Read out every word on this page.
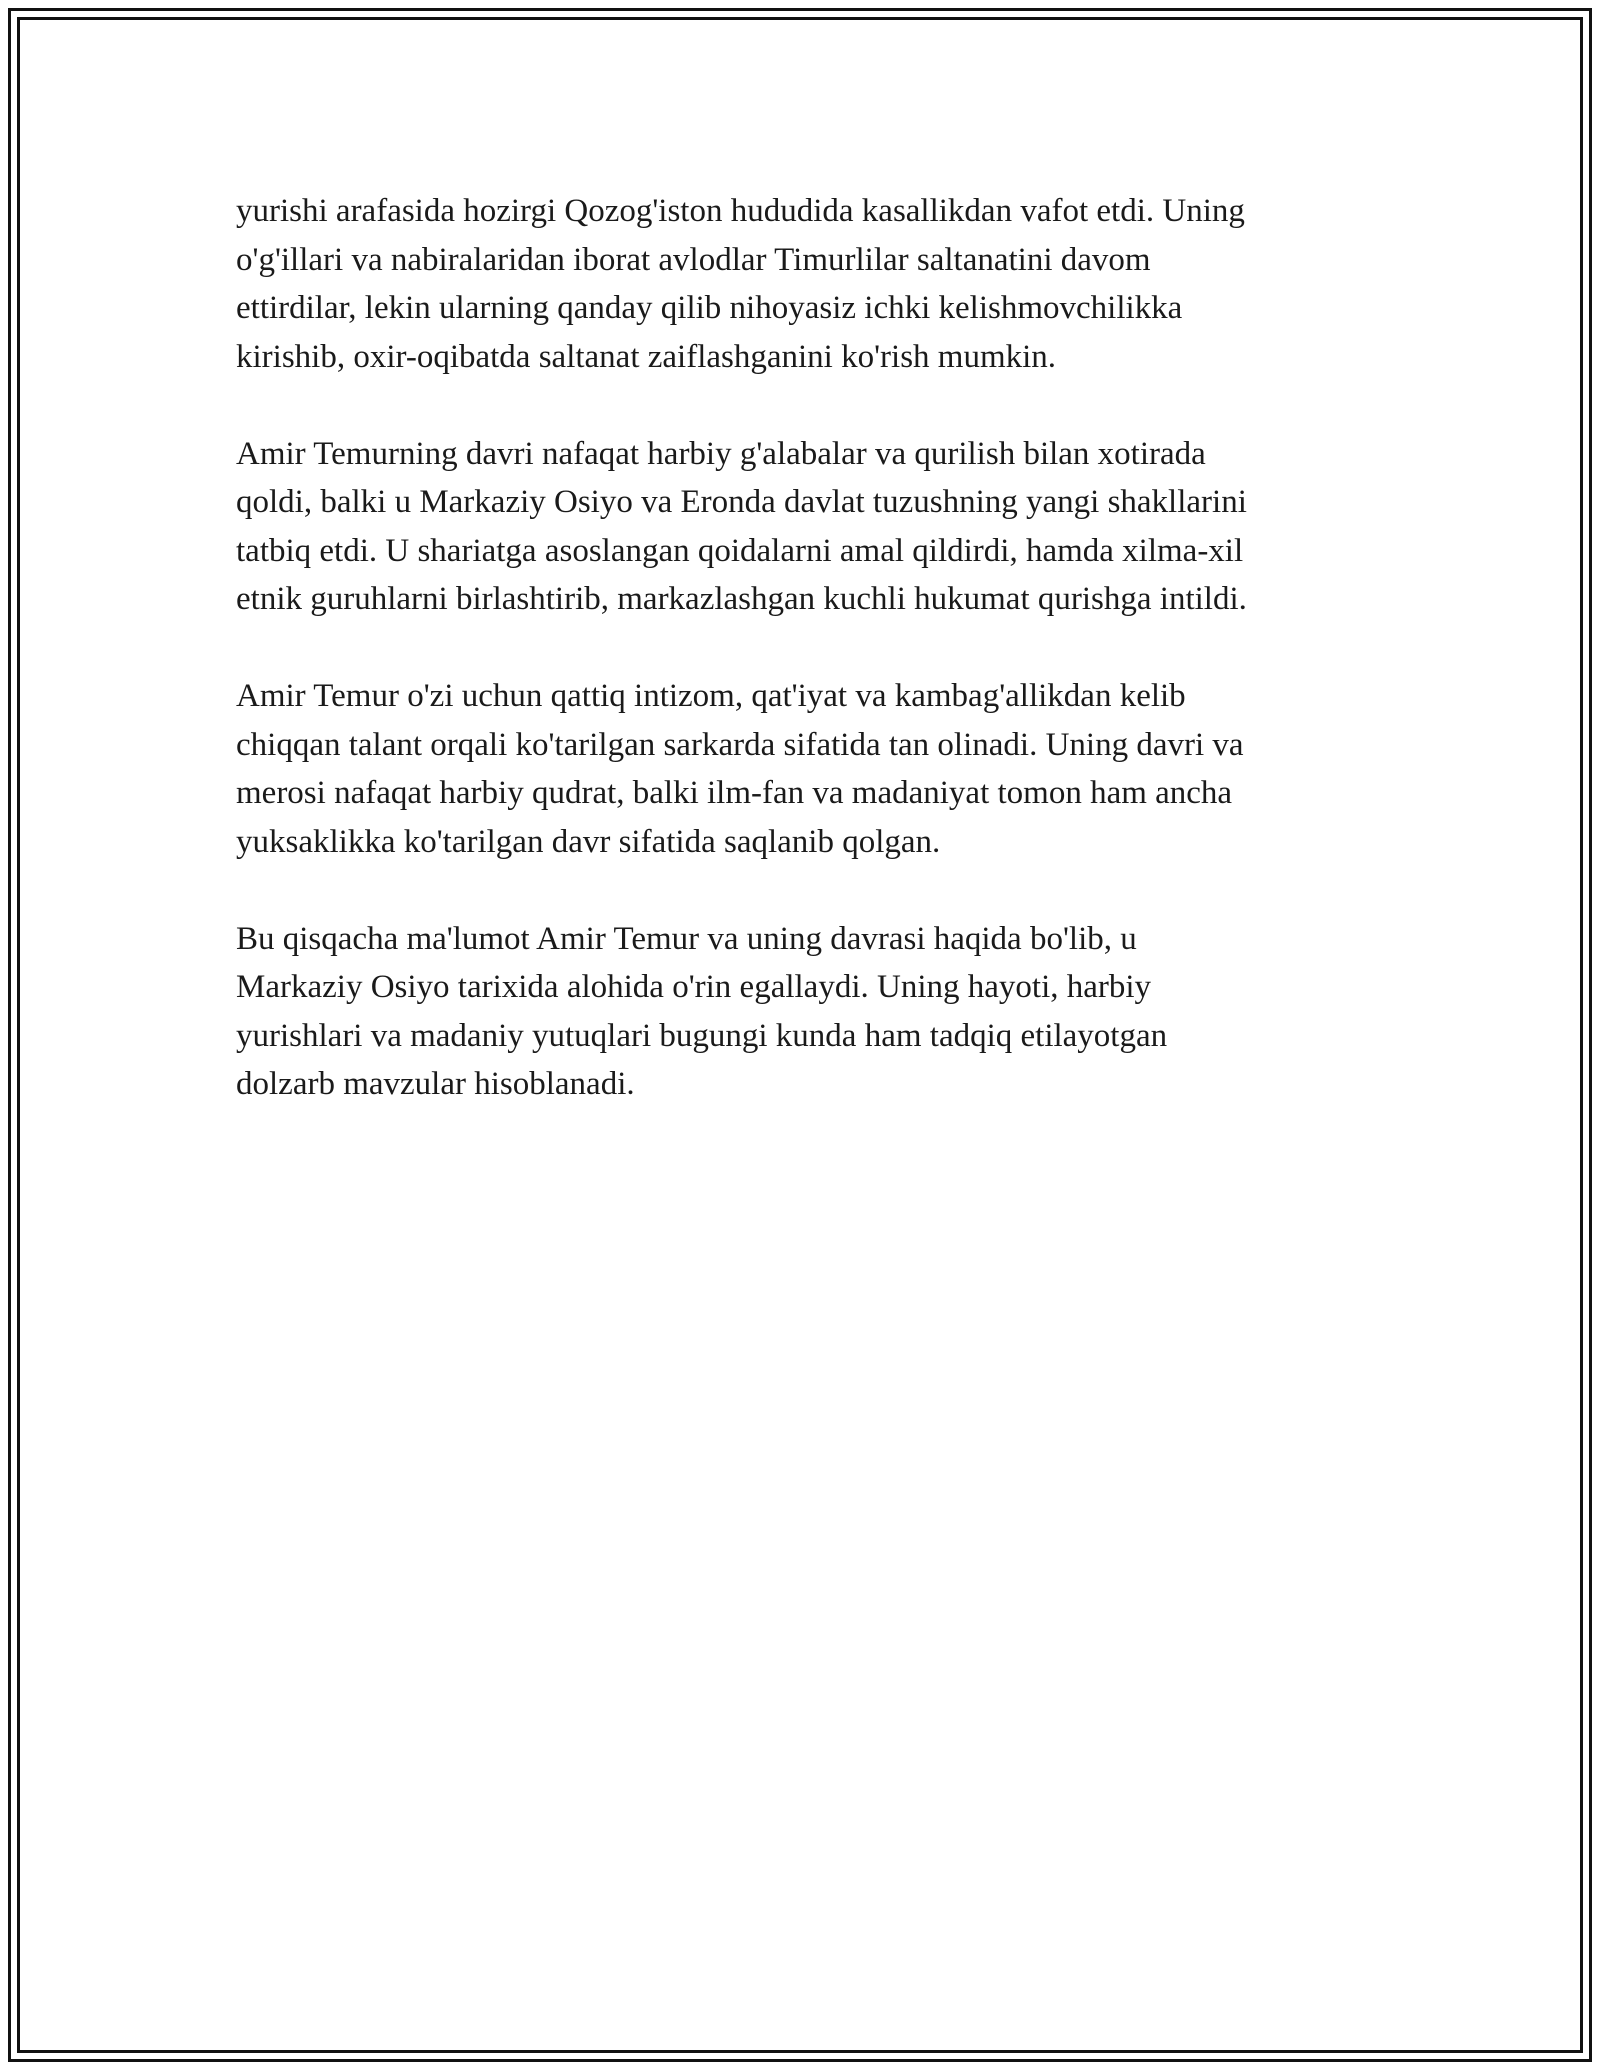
yurishi arafasida hozirgi Qozog'iston hududida kasallikdan vafot etdi. Uning
o'g'illari va nabiralaridan iborat avlodlar Timurlilar saltanatini davom
ettirdilar, lekin ularning qanday qilib nihoyasiz ichki kelishmovchilikka
kirishib, oxir-oqibatda saltanat zaiflashganini ko'rish mumkin.

Amir Temurning davri nafaqat harbiy g'alabalar va qurilish bilan xotirada
qoldi, balki u Markaziy Osiyo va Eronda davlat tuzushning yangi shakllarini
tatbiq etdi. U shariatga asoslangan qoidalarni amal qildirdi, hamda xilma-xil
etnik guruhlarni birlashtirib, markazlashgan kuchli hukumat qurishga intildi.

Amir Temur o'zi uchun qattiq intizom, qat'iyat va kambag'allikdan kelib
chiqqan talant orqali ko'tarilgan sarkarda sifatida tan olinadi. Uning davri va
merosi nafaqat harbiy qudrat, balki ilm-fan va madaniyat tomon ham ancha
yuksaklikka ko'tarilgan davr sifatida saqlanib qolgan.

Bu qisqacha ma'lumot Amir Temur va uning davrasi haqida bo'lib, u
Markaziy Osiyo tarixida alohida o'rin egallaydi. Uning hayoti, harbiy
yurishlari va madaniy yutuqlari bugungi kunda ham tadqiq etilayotgan
dolzarb mavzular hisoblanadi.
